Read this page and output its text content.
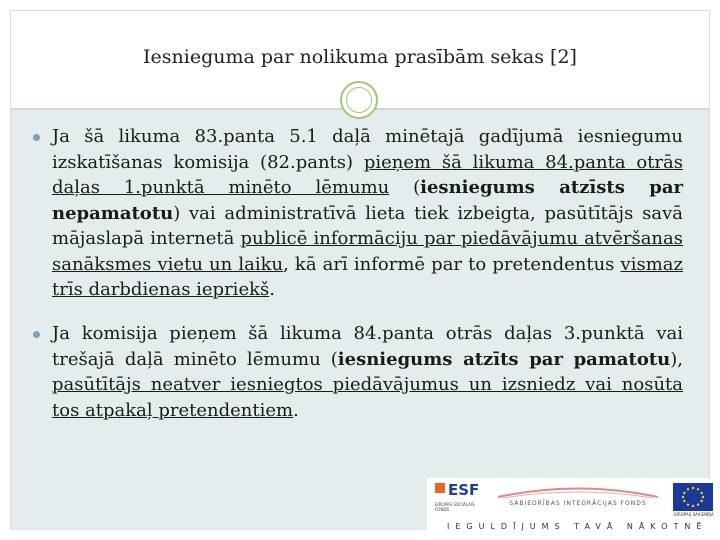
Iesnieguma par nolikuma prasībām sekas [2]

Ja šā likuma 83.panta 5.1 daļā minētajā gadījumā iesniegumu izskatīšanas komisija (82.pants) pieņem šā likuma 84.panta otrās daļas 1.punktā minēto lēmumu (iesniegums atzīsts par nepamatotu) vai administratīvā lieta tiek izbeigta, pasūtītājs savā mājaslapā internetā publicē informāciju par piedāvājumu atvēršanas sanāksmes vietu un laiku, kā arī informē par to pretendentus vismaz trīs darbdienas iepriekš.

Ja komisija pieņem šā likuma 84.panta otrās daļas 3.punktā vai trešajā daļā minēto lēmumu (iesniegums atzīts par pamatotu), pasūtītājs neatver iesniegtos piedāvājumus un izsniedz vai nosūta tos atpakaļ pretendentiem.

ESF
EIROPAS SOCIĀLAIS FONDS
SABIEDRĪBAS INTEGRĀCIJAS FONDS
EIROPAS SAVIENĪBA
IEGULDĪJUMS TAVĀ NĀKOTNĒ
